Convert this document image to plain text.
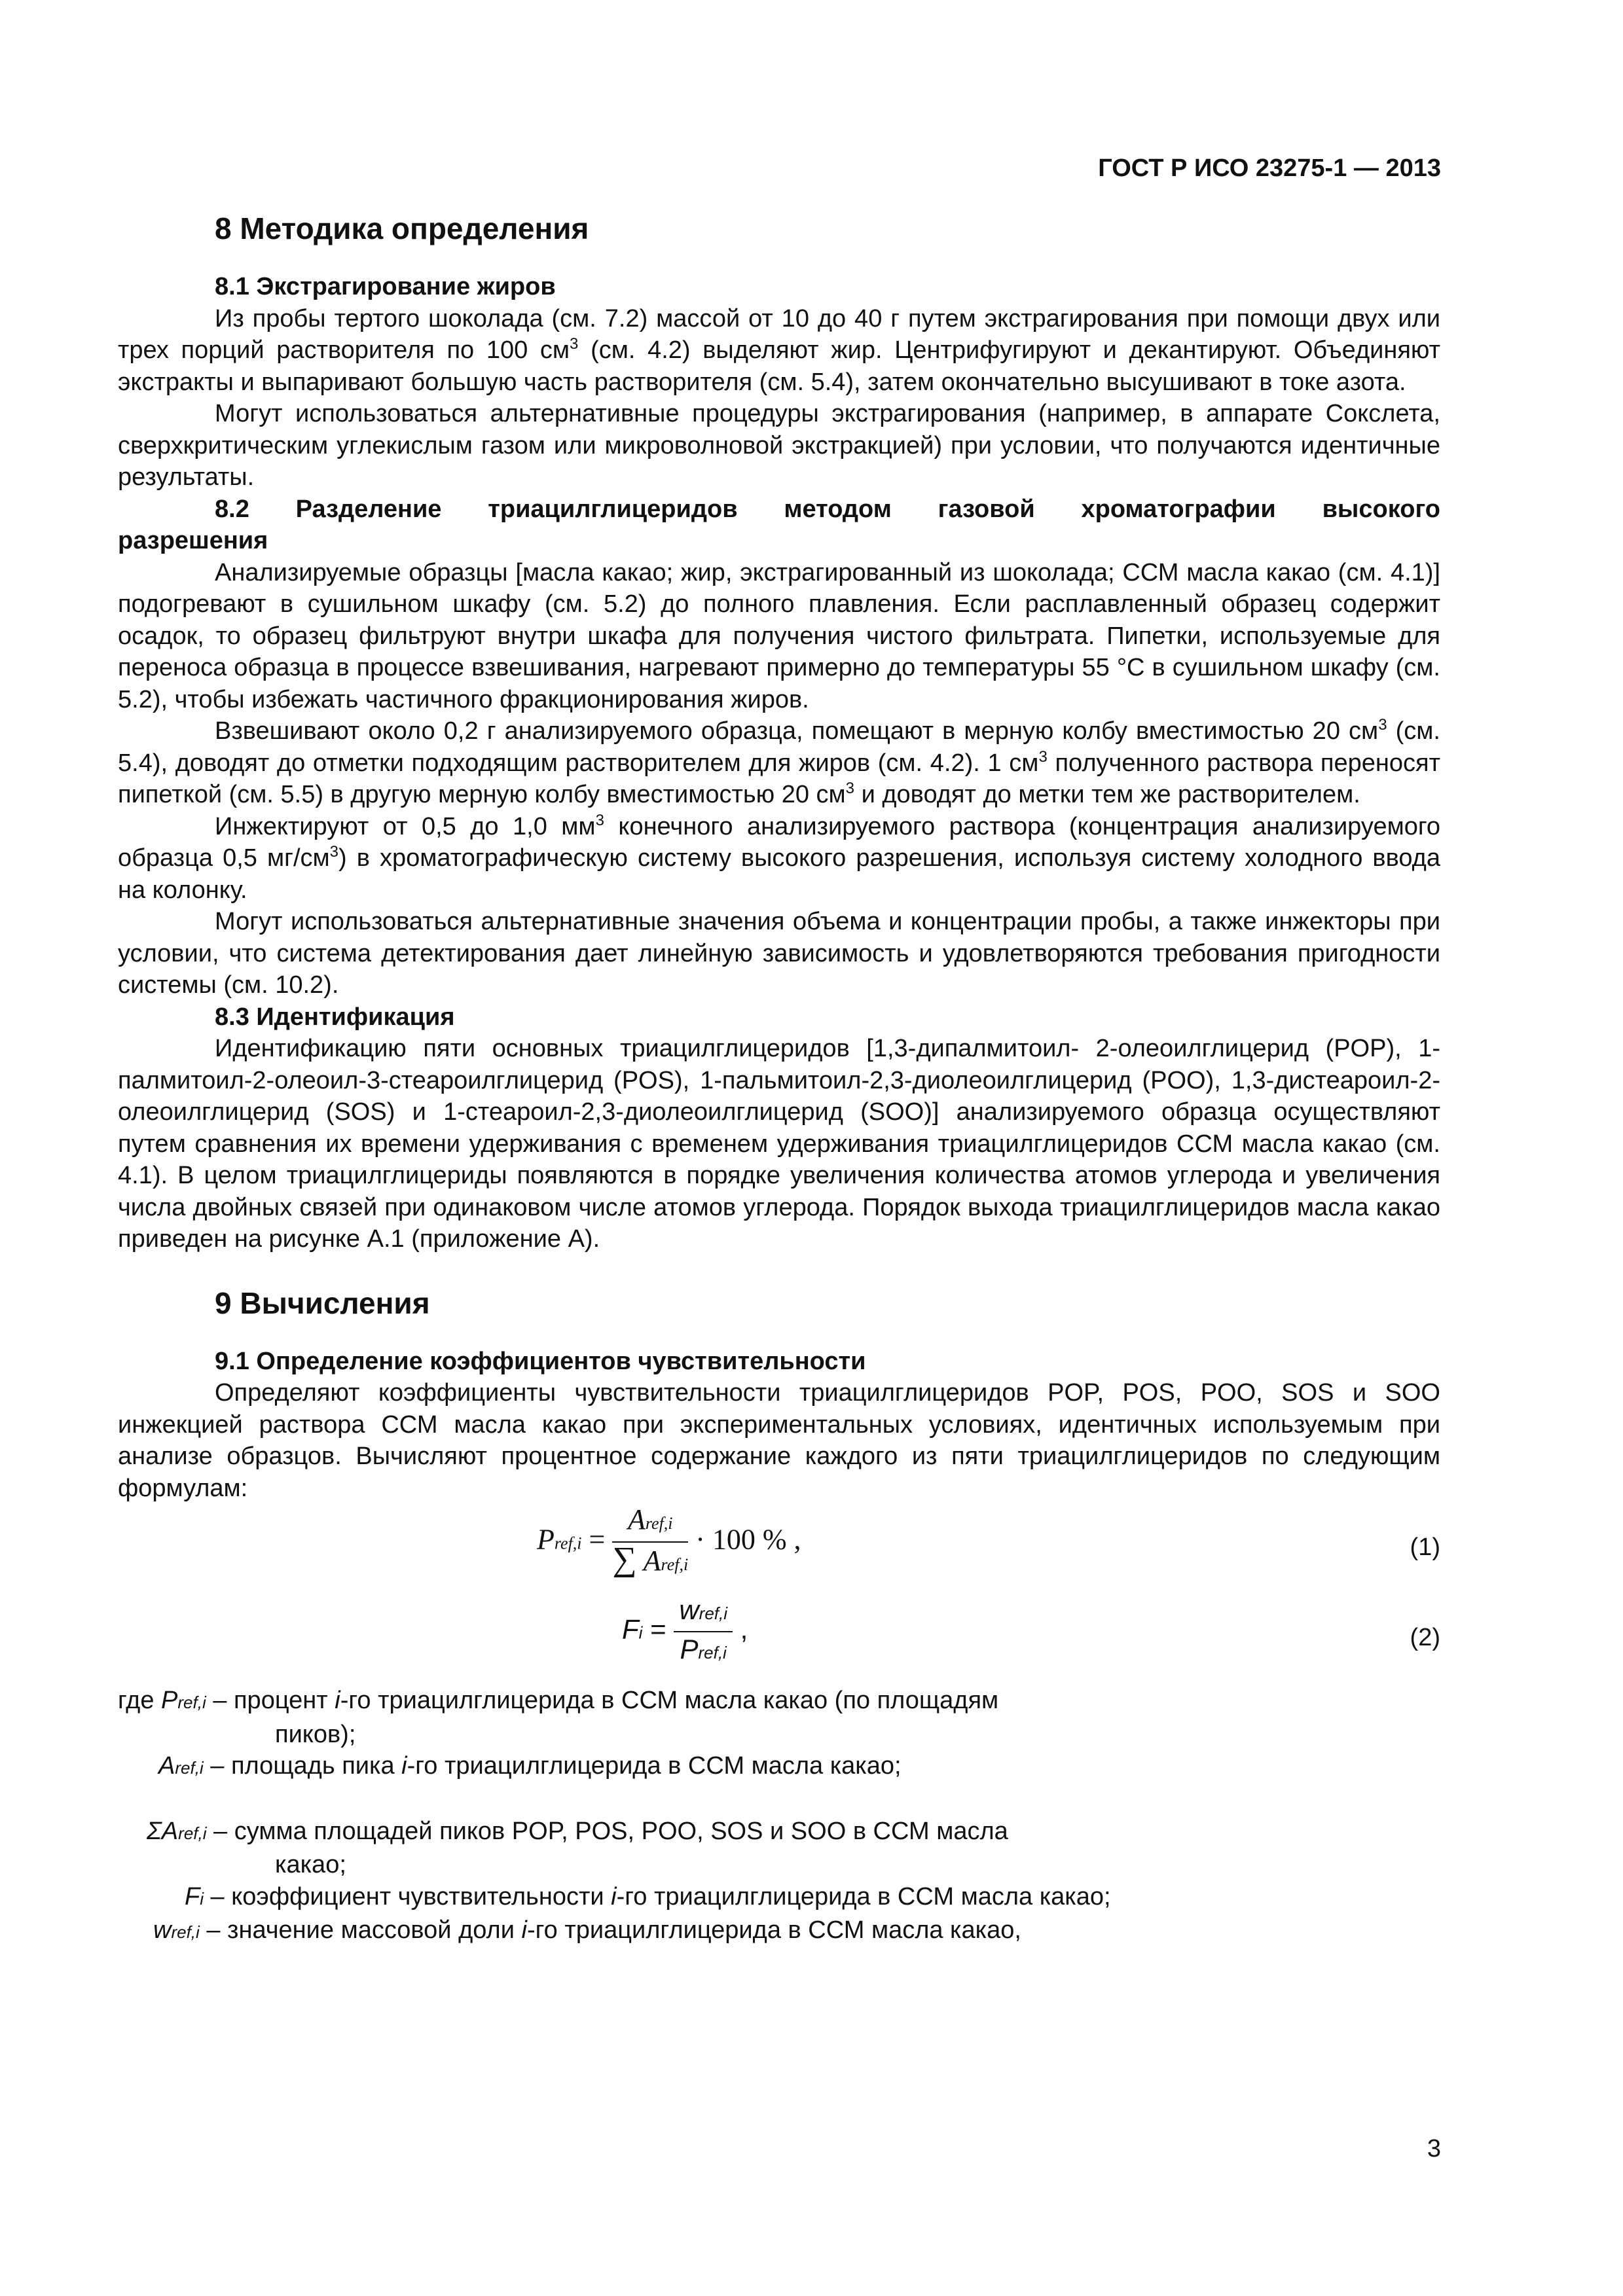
ГОСТ Р ИСО 23275-1 — 2013
8 Методика определения
8.1 Экстрагирование жиров

Из пробы тертого шоколада (см. 7.2) массой от 10 до 40 г путем экстрагирования при помощи двух или трех порций растворителя по 100 $см^3$ (см. 4.2) выделяют жир. Центрифугируют и декантируют. Объединяют экстракты и выпаривают большую часть растворителя (см. 5.4), затем окончательно высушивают в токе азота.

Могут использоваться альтернативные процедуры экстрагирования (например, в аппарате Сокслета, сверхкритическим углекислым газом или микроволновой экстракцией) при условии, что получаются идентичные результаты.

8.2 Разделение триацилглицеридов методом газовой хроматографии высокого
разрешения

Анализируемые образцы [масла какао; жир, экстрагированный из шоколада; ССМ масла какао (см. 4.1)] подогревают в сушильном шкафу (см. 5.2) до полного плавления. Если расплавленный образец содержит осадок, то образец фильтруют внутри шкафа для получения чистого фильтрата. Пипетки, используемые для переноса образца в процессе взвешивания, нагревают примерно до температуры 55 °С в сушильном шкафу (см. 5.2), чтобы избежать частичного фракционирования жиров.

Взвешивают около 0,2 г анализируемого образца, помещают в мерную колбу вместимостью 20 $см^3$ (см. 5.4), доводят до отметки подходящим растворителем для жиров (см. 4.2). 1 $см^3$ полученного раствора переносят пипеткой (см. 5.5) в другую мерную колбу вместимостью 20 $см^3$ и доводят до метки тем же растворителем.

Инжектируют от 0,5 до 1,0 $мм^3$ конечного анализируемого раствора (концентрация анализируемого образца 0,5 $мг/см^3$) в хроматографическую систему высокого разрешения, используя систему холодного ввода на колонку.

Могут использоваться альтернативные значения объема и концентрации пробы, а также инжекторы при условии, что система детектирования дает линейную зависимость и удовлетворяются требования пригодности системы (см. 10.2).

8.3 Идентификация

Идентификацию пяти основных триацилглицеридов [1,3-дипалмитоил- 2-олеоилглицерид (POP), 1-палмитоил-2-олеоил-3-стеароилглицерид (POS), 1-пальмитоил-2,3-диолеоилглицерид (POO), 1,3-дистеароил-2-олеоилглицерид (SOS) и 1-стеароил-2,3-диолеоилглицерид (SOO)] анализируемого образца осуществляют путем сравнения их времени удерживания с временем удерживания триацилглицеридов ССМ масла какао (см. 4.1). В целом триацилглицериды появляются в порядке увеличения количества атомов углерода и увеличения числа двойных связей при одинаковом числе атомов углерода. Порядок выхода триацилглицеридов масла какао приведен на рисунке А.1 (приложение А).

9 Вычисления
9.1 Определение коэффициентов чувствительности

Определяют коэффициенты чувствительности триацилглицеридов POP, POS, POO, SOS и SOO инжекцией раствора ССМ масла какао при экспериментальных условиях, идентичных используемым при анализе образцов. Вычисляют процентное содержание каждого из пяти триацилглицеридов по следующим формулам:

Pref,i = $\frac{\text{Aref,i}}{\text{∑ Aref,i}} \cdot 100$ % ,	(1)
$Fi = \frac{\text{wref,i}}{\text{Pref,i}}$ ,	(2)
где Pref,i – процент i-го триацилглицерида в ССМ масла какао (по площадям
пиков);
Aref,i – площадь пика i-го триацилглицерида в ССМ масла какао;
ΣAref,i – сумма площадей пиков POP, POS, POO, SOS и SOO в ССМ масла
какао;
Fi – коэффициент чувствительности i-го триацилглицерида в ССМ масла какао;
wref,i – значение массовой доли i-го триацилглицерида в ССМ масла какао,
3
